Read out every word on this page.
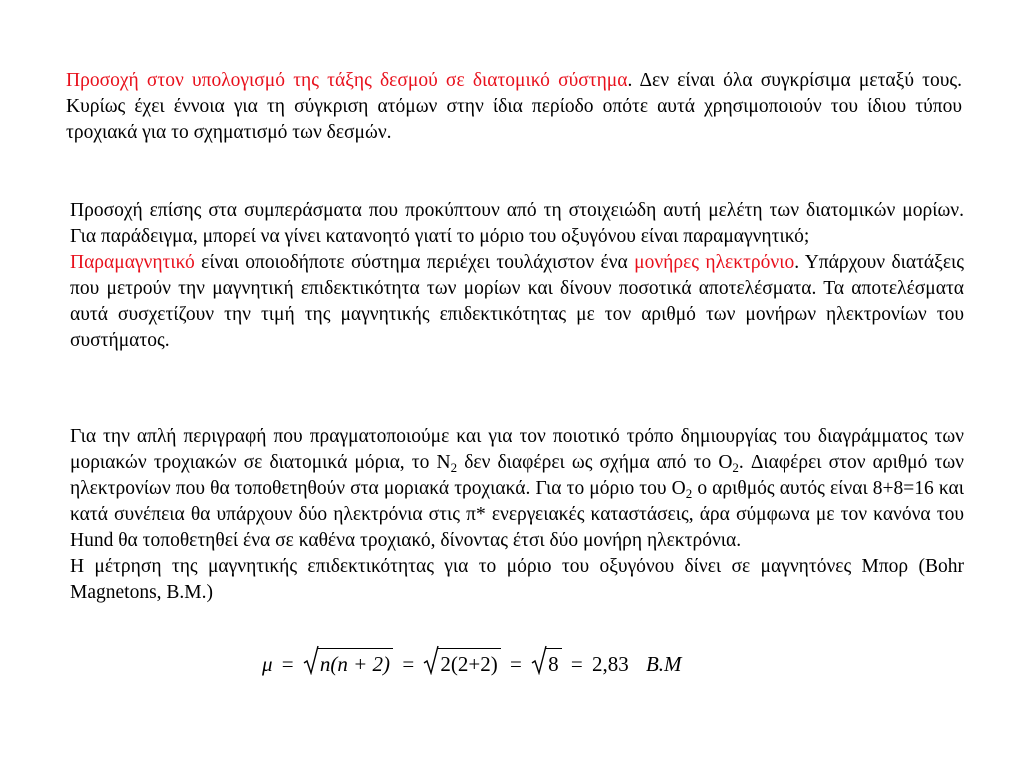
Προσοχή στον υπολογισμό της τάξης δεσμού σε διατομικό σύστημα. Δεν είναι όλα συγκρίσιμα μεταξύ τους. Κυρίως έχει έννοια για τη σύγκριση ατόμων στην ίδια περίοδο οπότε αυτά χρησιμοποιούν του ίδιου τύπου τροχιακά για το σχηματισμό των δεσμών.

Προσοχή επίσης στα συμπεράσματα που προκύπτουν από τη στοιχειώδη αυτή μελέτη των διατομικών μορίων. Για παράδειγμα, μπορεί να γίνει κατανοητό γιατί το μόριο του οξυγόνου είναι παραμαγνητικό;
Παραμαγνητικό είναι οποιοδήποτε σύστημα περιέχει τουλάχιστον ένα μονήρες ηλεκτρόνιο. Υπάρχουν διατάξεις που μετρούν την μαγνητική επιδεκτικότητα των μορίων και δίνουν ποσοτικά αποτελέσματα. Τα αποτελέσματα αυτά συσχετίζουν την τιμή της μαγνητικής επιδεκτικότητας με τον αριθμό των μονήρων ηλεκτρονίων του συστήματος.

Για την απλή περιγραφή που πραγματοποιούμε και για τον ποιοτικό τρόπο δημιουργίας του διαγράμματος των μοριακών τροχιακών σε διατομικά μόρια, το $N_2$ δεν διαφέρει ως σχήμα από το $O_2$. Διαφέρει στον αριθμό των ηλεκτρονίων που θα τοποθετηθούν στα μοριακά τροχιακά. Για το μόριο του $O_2$ ο αριθμός αυτός είναι 8+8=16 και κατά συνέπεια θα υπάρχουν δύο ηλεκτρόνια στις π* ενεργειακές καταστάσεις, άρα σύμφωνα με τον κανόνα του Hund θα τοποθετηθεί ένα σε καθένα τροχιακό, δίνοντας έτσι δύο μονήρη ηλεκτρόνια.
Η μέτρηση της μαγνητικής επιδεκτικότητας για το μόριο του οξυγόνου δίνει σε μαγνητόνες Μπορ (Bohr Magnetons, B.M.)

μ = n(n + 2) = 2(2+2) = 8 = 2,83 B.M
